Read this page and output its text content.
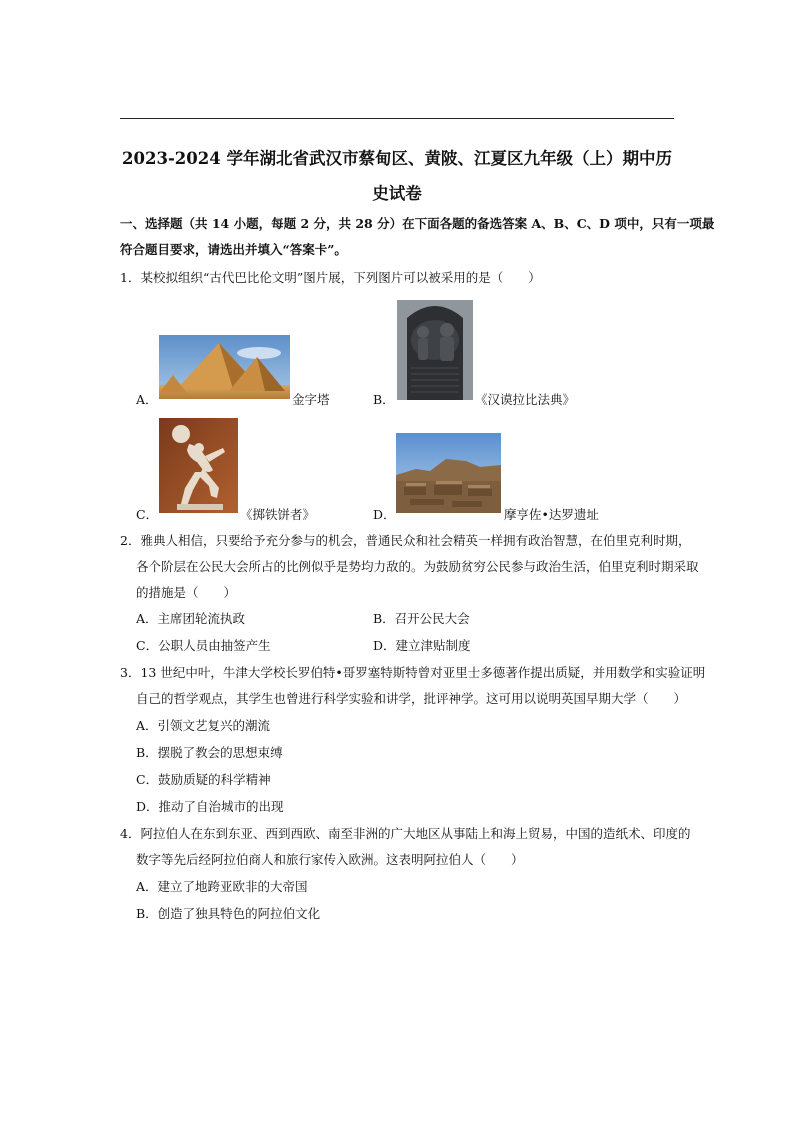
2023-2024 学年湖北省武汉市蔡甸区、黄陂、江夏区九年级（上）期中历
史试卷
一、选择题（共 14 小题，每题 2 分，共 28 分）在下面各题的备选答案 A、B、C、D 项中，只有一项最
符合题目要求，请选出并填入“答案卡”。
1．某校拟组织“古代巴比伦文明”图片展，下列图片可以被采用的是（　　）
A．	金字塔	B．	《汉谟拉比法典》
C．	《掷铁饼者》	D．	摩亨佐•达罗遗址
2．雅典人相信，只要给予充分参与的机会，普通民众和社会精英一样拥有政治智慧，在伯里克利时期，
各个阶层在公民大会所占的比例似乎是势均力敌的。为鼓励贫穷公民参与政治生活，伯里克利时期采取
的措施是（　　）
A．主席团轮流执政	B．召开公民大会
C．公职人员由抽签产生	D．建立津贴制度
3．13 世纪中叶，牛津大学校长罗伯特•哥罗塞特斯特曾对亚里士多德著作提出质疑，并用数学和实验证明
自己的哲学观点，其学生也曾进行科学实验和讲学，批评神学。这可用以说明英国早期大学（　　）
A．引领文艺复兴的潮流
B．摆脱了教会的思想束缚
C．鼓励质疑的科学精神
D．推动了自治城市的出现
4．阿拉伯人在东到东亚、西到西欧、南至非洲的广大地区从事陆上和海上贸易，中国的造纸术、印度的
数字等先后经阿拉伯商人和旅行家传入欧洲。这表明阿拉伯人（　　）
A．建立了地跨亚欧非的大帝国
B．创造了独具特色的阿拉伯文化
